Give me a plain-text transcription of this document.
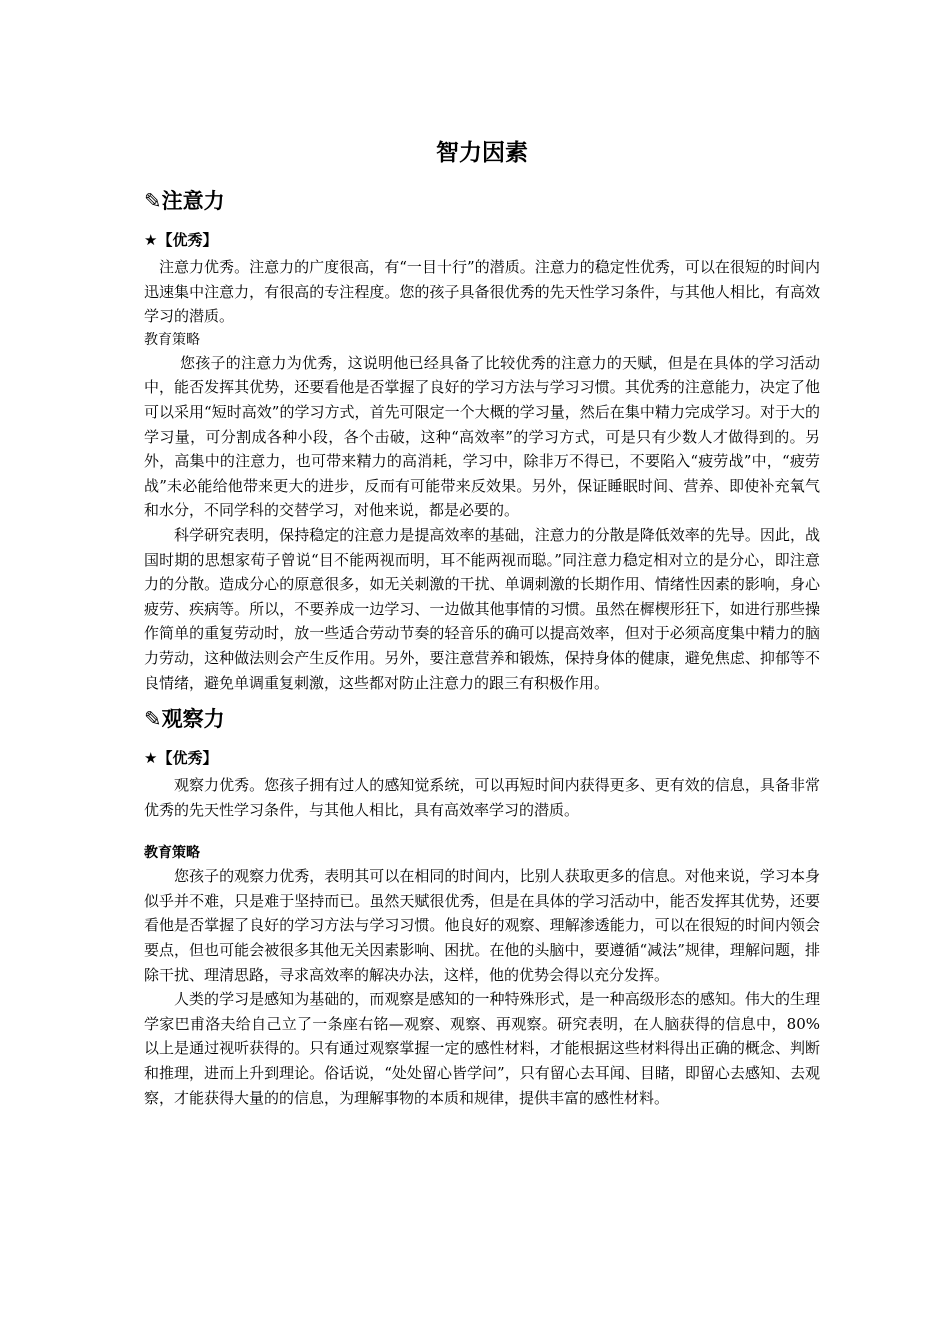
智力因素
✎注意力
★【优秀】

注意力优秀。注意力的广度很高，有“一目十行”的潜质。注意力的稳定性优秀，可以在很短的时间内迅速集中注意力，有很高的专注程度。您的孩子具备很优秀的先天性学习条件，与其他人相比，有高效学习的潜质。

教育策略

您孩子的注意力为优秀，这说明他已经具备了比较优秀的注意力的天赋，但是在具体的学习活动中，能否发挥其优势，还要看他是否掌握了良好的学习方法与学习习惯。其优秀的注意能力，决定了他可以采用“短时高效”的学习方式，首先可限定一个大概的学习量，然后在集中精力完成学习。对于大的学习量，可分割成各种小段，各个击破，这种“高效率”的学习方式，可是只有少数人才做得到的。另外，高集中的注意力，也可带来精力的高消耗，学习中，除非万不得已，不要陷入“疲劳战”中，“疲劳战”未必能给他带来更大的进步，反而有可能带来反效果。另外，保证睡眠时间、营养、即使补充氧气和水分，不同学科的交替学习，对他来说，都是必要的。

科学研究表明，保持稳定的注意力是提高效率的基础，注意力的分散是降低效率的先导。因此，战国时期的思想家荀子曾说“目不能两视而明，耳不能两视而聪。”同注意力稳定相对立的是分心，即注意力的分散。造成分心的原意很多，如无关刺激的干扰、单调刺激的长期作用、情绪性因素的影响，身心疲劳、疾病等。所以，不要养成一边学习、一边做其他事情的习惯。虽然在樨楔形狂下，如进行那些操作简单的重复劳动时，放一些适合劳动节奏的轻音乐的确可以提高效率，但对于必须高度集中精力的脑力劳动，这种做法则会产生反作用。另外，要注意营养和锻炼，保持身体的健康，避免焦虑、抑郁等不良情绪，避免单调重复刺激，这些都对防止注意力的跟三有积极作用。

✎观察力
★【优秀】

观察力优秀。您孩子拥有过人的感知觉系统，可以再短时间内获得更多、更有效的信息，具备非常优秀的先天性学习条件，与其他人相比，具有高效率学习的潜质。

教育策略

您孩子的观察力优秀，表明其可以在相同的时间内，比别人获取更多的信息。对他来说，学习本身似乎并不难，只是难于坚持而已。虽然天赋很优秀，但是在具体的学习活动中，能否发挥其优势，还要看他是否掌握了良好的学习方法与学习习惯。他良好的观察、理解渗透能力，可以在很短的时间内领会要点，但也可能会被很多其他无关因素影响、困扰。在他的头脑中，要遵循“减法”规律，理解问题，排除干扰、理清思路，寻求高效率的解决办法，这样，他的优势会得以充分发挥。

人类的学习是感知为基础的，而观察是感知的一种特殊形式，是一种高级形态的感知。伟大的生理学家巴甫洛夫给自己立了一条座右铭—观察、观察、再观察。研究表明，在人脑获得的信息中，80%以上是通过视听获得的。只有通过观察掌握一定的感性材料，才能根据这些材料得出正确的概念、判断和推理，进而上升到理论。俗话说，“处处留心皆学问”，只有留心去耳闻、目睹，即留心去感知、去观察，才能获得大量的的信息，为理解事物的本质和规律，提供丰富的感性材料。
